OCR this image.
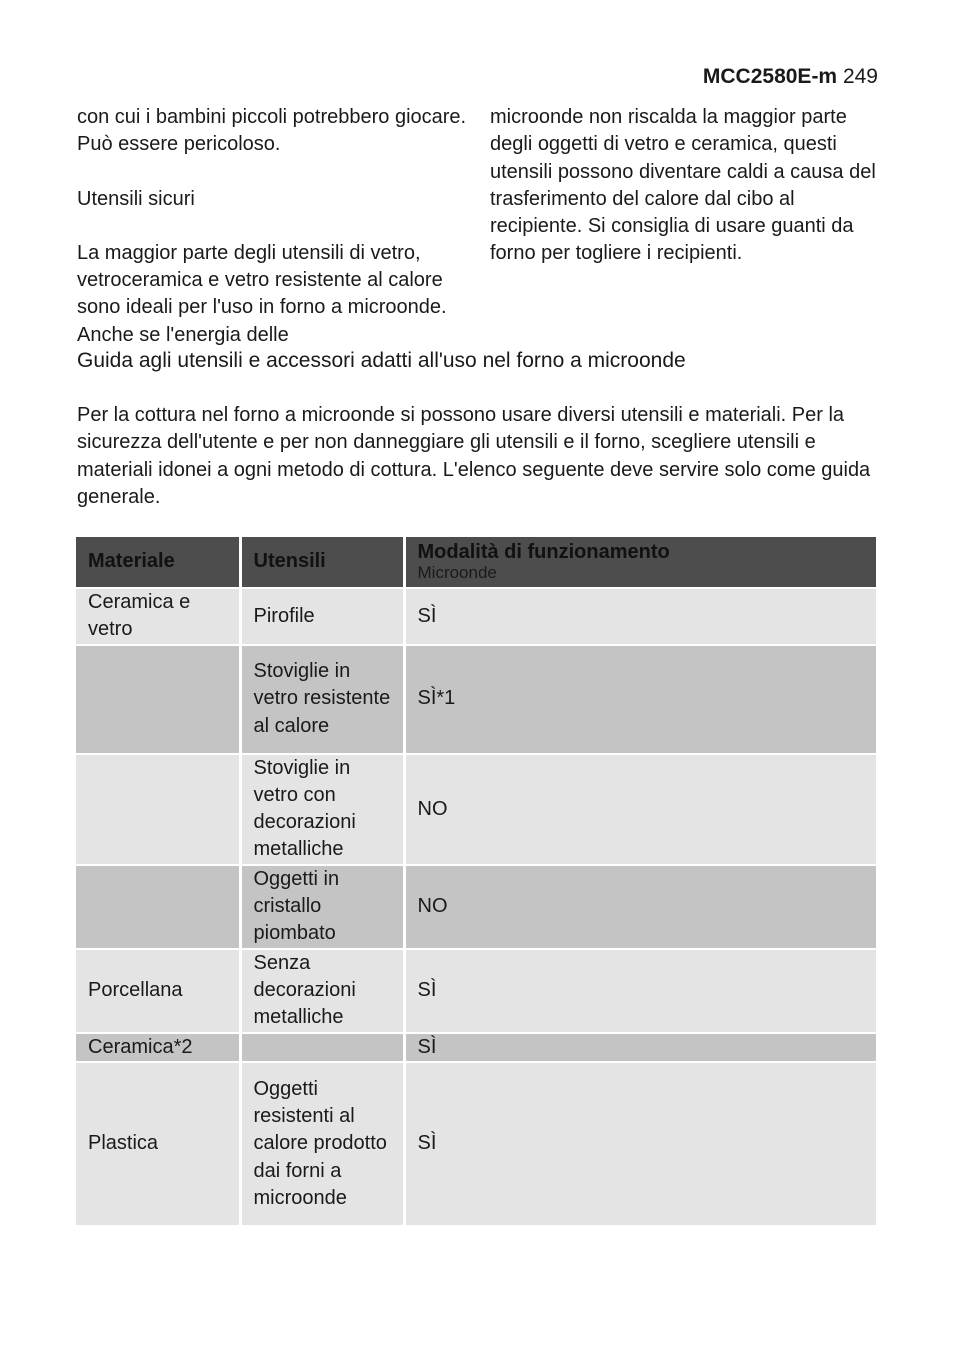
MCC2580E-m 249

con cui i bambini piccoli potrebbero giocare. Può essere pericoloso.

Utensili sicuri

La maggior parte degli utensili di vetro, vetroceramica e vetro resistente al calore sono ideali per l'uso in forno a microonde. Anche se l'energia delle

microonde non riscalda la maggior parte degli oggetti di vetro e ceramica, questi utensili possono diventare caldi a causa del trasferimento del calore dal cibo al recipiente. Si consiglia di usare guanti da forno per togliere i recipienti.

Guida agli utensili e accessori adatti all'uso nel forno a microonde

Per la cottura nel forno a microonde si possono usare diversi utensili e materiali. Per la sicurezza dell'utente e per non danneggiare gli utensili e il forno, scegliere utensili e materiali idonei a ogni metodo di cottura. L'elenco seguente deve servire solo come guida generale.

Materiale	Utensili	Modalità di funzionamento
Microonde

Ceramica e vetro	Pirofile	SÌ
	Stoviglie in vetro resistente al calore	SÌ*1
	Stoviglie in vetro con decorazioni metalliche	NO
	Oggetti in cristallo piombato	NO
Porcellana	Senza decorazioni metalliche	SÌ
Ceramica*2		SÌ
Plastica	Oggetti resistenti al calore prodotto dai forni a microonde	SÌ
